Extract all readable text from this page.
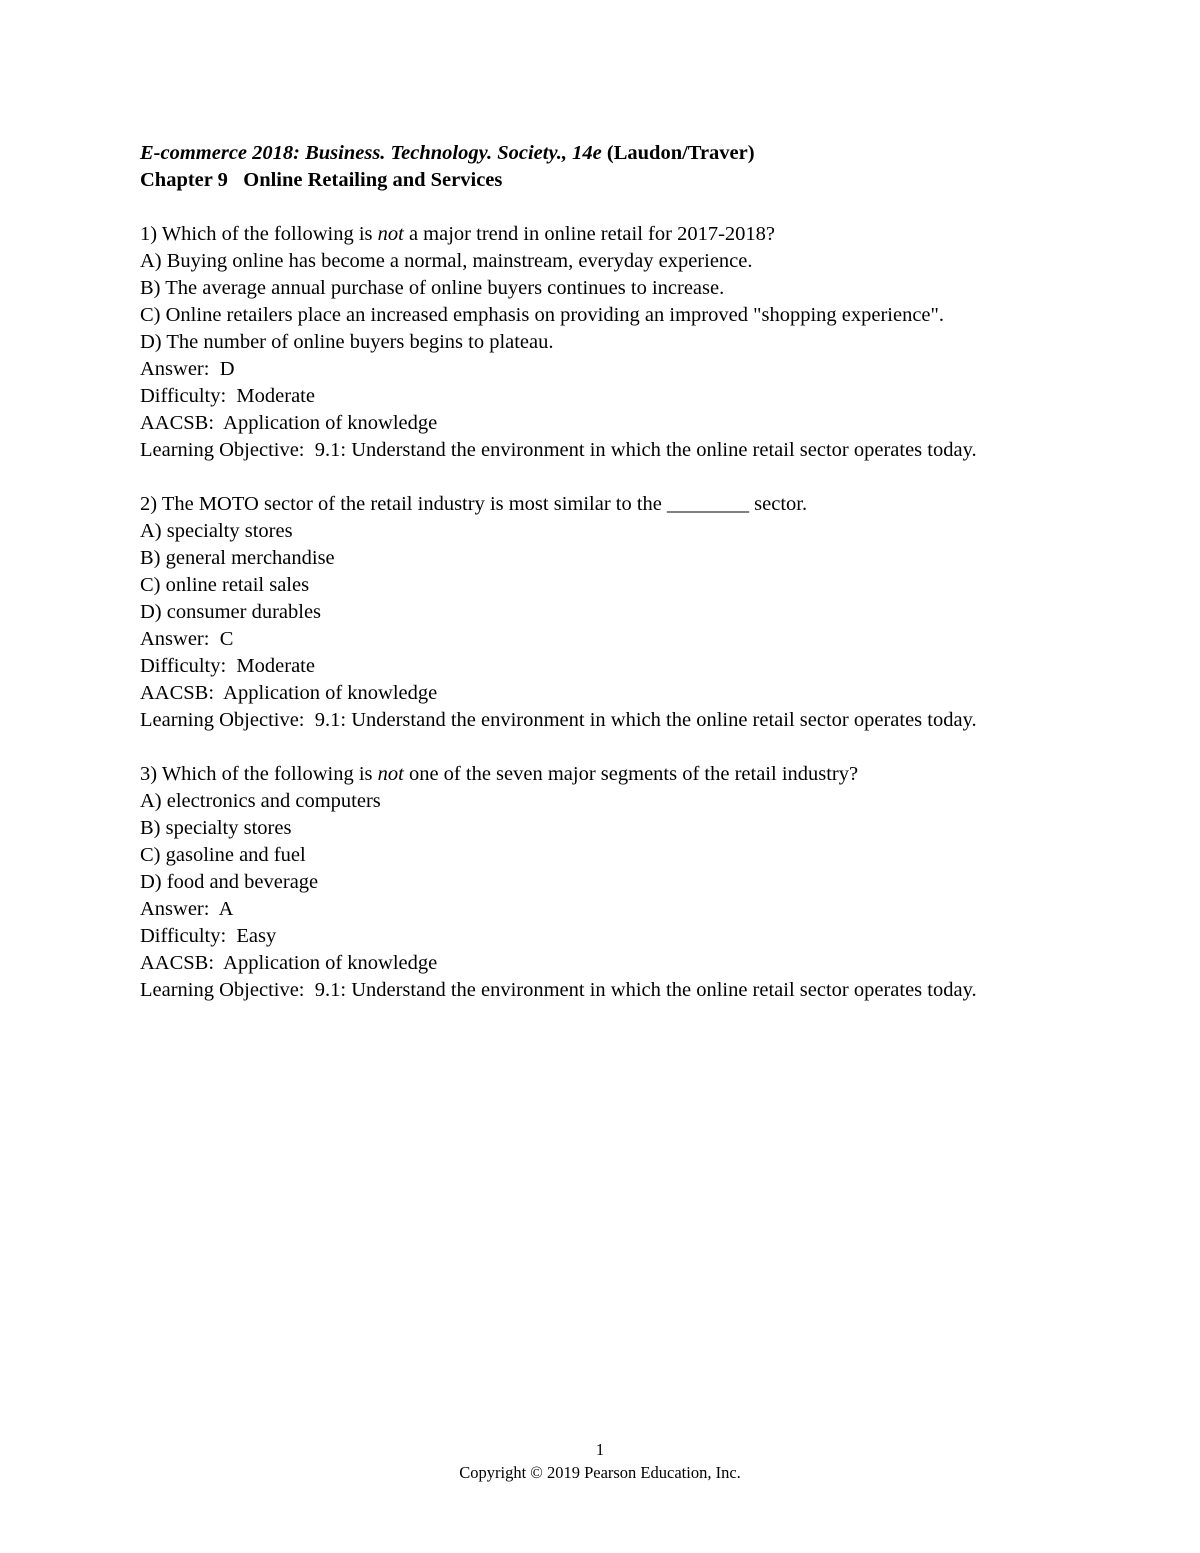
E-commerce 2018: Business. Technology. Society., 14e (Laudon/Traver)
Chapter 9   Online Retailing and Services
1) Which of the following is not a major trend in online retail for 2017-2018?
A) Buying online has become a normal, mainstream, everyday experience.
B) The average annual purchase of online buyers continues to increase.
C) Online retailers place an increased emphasis on providing an improved "shopping experience".
D) The number of online buyers begins to plateau.
Answer:  D
Difficulty:  Moderate
AACSB:  Application of knowledge
Learning Objective:  9.1: Understand the environment in which the online retail sector operates today.
2) The MOTO sector of the retail industry is most similar to the ________ sector.
A) specialty stores
B) general merchandise
C) online retail sales
D) consumer durables
Answer:  C
Difficulty:  Moderate
AACSB:  Application of knowledge
Learning Objective:  9.1: Understand the environment in which the online retail sector operates today.
3) Which of the following is not one of the seven major segments of the retail industry?
A) electronics and computers
B) specialty stores
C) gasoline and fuel
D) food and beverage
Answer:  A
Difficulty:  Easy
AACSB:  Application of knowledge
Learning Objective:  9.1: Understand the environment in which the online retail sector operates today.
1
Copyright © 2019 Pearson Education, Inc.
